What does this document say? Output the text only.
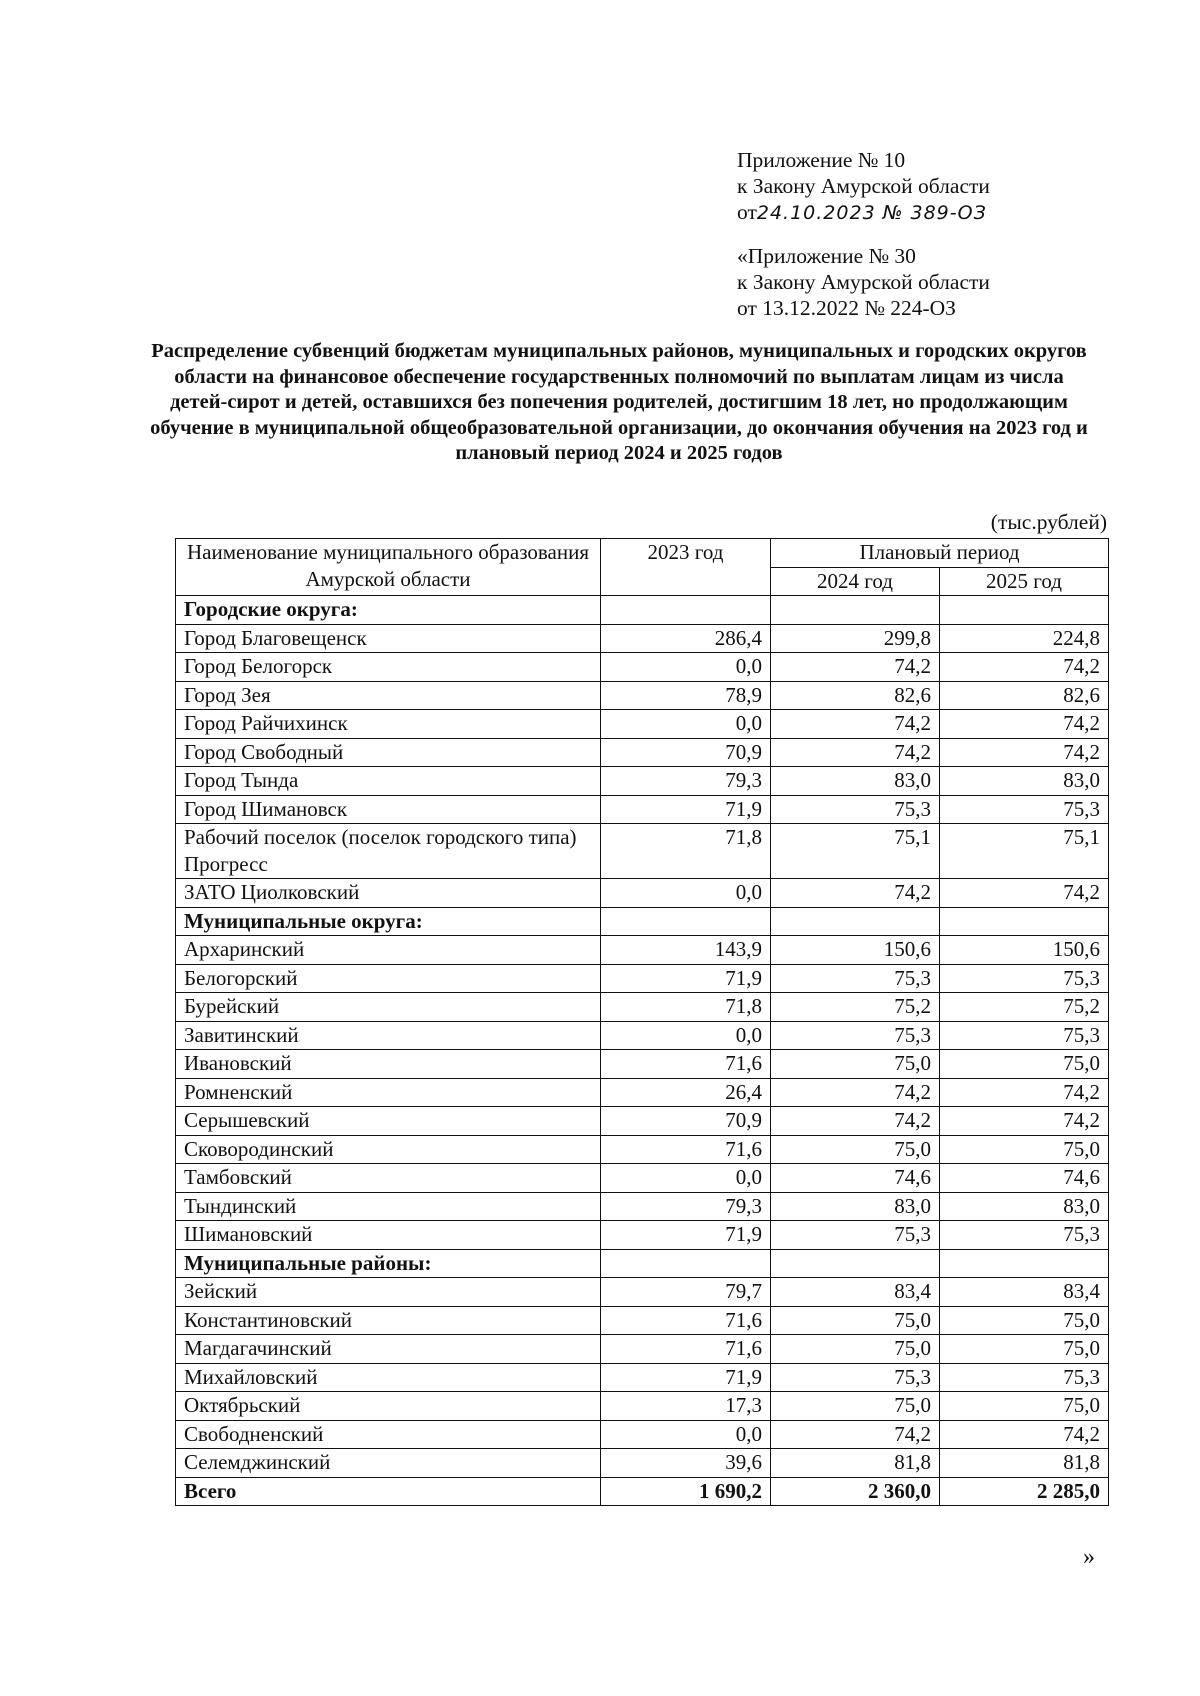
Приложение № 10
к Закону Амурской области
от24.10.2023 № 389-ОЗ
«Приложение № 30
к Закону Амурской области
от 13.12.2022 № 224-ОЗ
Распределение субвенций бюджетам муниципальных районов, муниципальных и городских округов области на финансовое обеспечение государственных полномочий по выплатам лицам из числа детей-сирот и детей, оставшихся без попечения родителей, достигшим 18 лет, но продолжающим обучение в муниципальной общеобразовательной организации, до окончания обучения на 2023 год и плановый период 2024 и 2025 годов
(тыс.рублей)
Наименование муниципального образования Амурской области	2023 год	Плановый период	
		2024 год	2025 год
Городские округа:			
Город Благовещенск	286,4	299,8	224,8
Город Белогорск	0,0	74,2	74,2
Город Зея	78,9	82,6	82,6
Город Райчихинск	0,0	74,2	74,2
Город Свободный	70,9	74,2	74,2
Город Тында	79,3	83,0	83,0
Город Шимановск	71,9	75,3	75,3
Рабочий поселок (поселок городского типа) Прогресс	71,8	75,1	75,1
ЗАТО Циолковский	0,0	74,2	74,2
Муниципальные округа:			
Архаринский	143,9	150,6	150,6
Белогорский	71,9	75,3	75,3
Бурейский	71,8	75,2	75,2
Завитинский	0,0	75,3	75,3
Ивановский	71,6	75,0	75,0
Ромненский	26,4	74,2	74,2
Серышевский	70,9	74,2	74,2
Сковородинский	71,6	75,0	75,0
Тамбовский	0,0	74,6	74,6
Тындинский	79,3	83,0	83,0
Шимановский	71,9	75,3	75,3
Муниципальные районы:			
Зейский	79,7	83,4	83,4
Константиновский	71,6	75,0	75,0
Магдагачинский	71,6	75,0	75,0
Михайловский	71,9	75,3	75,3
Октябрьский	17,3	75,0	75,0
Свободненский	0,0	74,2	74,2
Селемджинский	39,6	81,8	81,8
Всего	1 690,2	2 360,0	2 285,0
»
